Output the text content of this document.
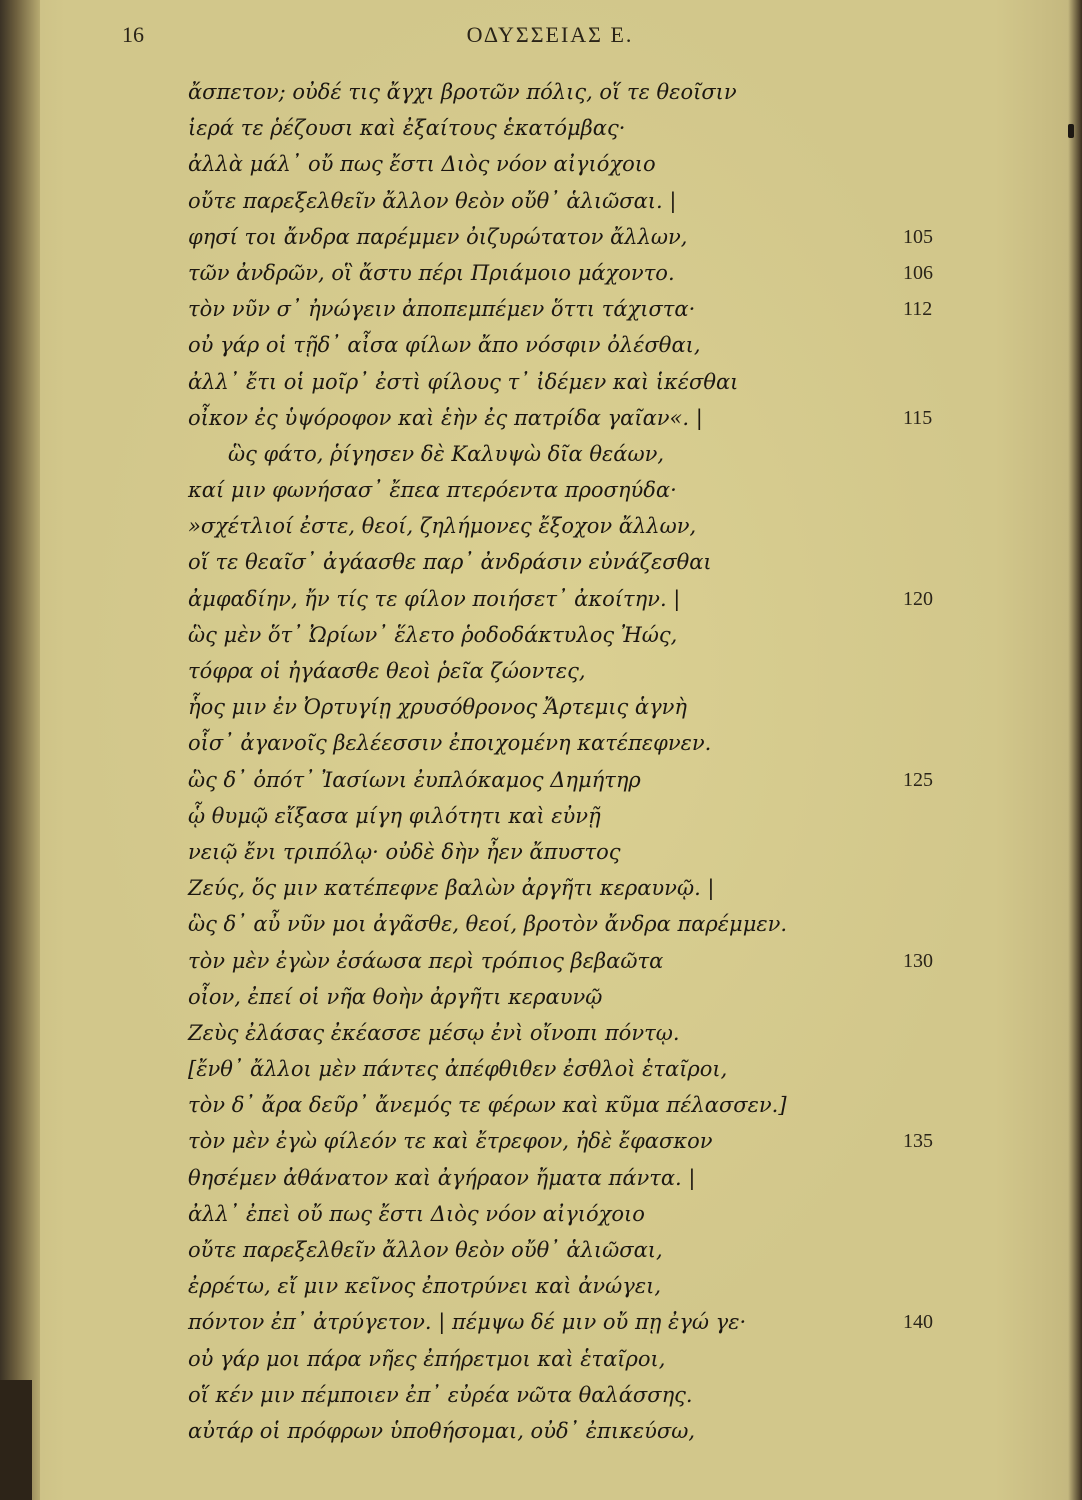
16	ΟΔΥΣΣΕΙΑΣ Ε.
ἄσπετον; οὐδέ τις ἄγχι βροτῶν πόλις, οἵ τε θεοῖσιν
ἱερά τε ῥέζουσι καὶ ἐξαίτους ἑκατόμβας·
ἀλλὰ μάλ᾽ οὔ πως ἔστι Διὸς νόον αἰγιόχοιο
οὔτε παρεξελθεῖν ἄλλον θεὸν οὔθ᾽ ἁλιῶσαι. |
φησί τοι ἄνδρα παρέμμεν ὀιζυρώτατον ἄλλων,	105
τῶν ἀνδρῶν, οἳ ἄστυ πέρι Πριάμοιο μάχοντο.	106
τὸν νῦν σ᾽ ἠνώγειν ἀποπεμπέμεν ὅττι τάχιστα·	112
οὐ γάρ οἱ τῇδ᾽ αἶσα φίλων ἄπο νόσφιν ὀλέσθαι,
ἀλλ᾽ ἔτι οἱ μοῖρ᾽ ἐστὶ φίλους τ᾽ ἰδέμεν καὶ ἱκέσθαι
οἶκον ἐς ὑψόροφον καὶ ἑὴν ἐς πατρίδα γαῖαν«. |	115
ὣς φάτο, ῥίγησεν δὲ Καλυψὼ δῖα θεάων,
καί μιν φωνήσασ᾽ ἔπεα πτερόεντα προσηύδα·
»σχέτλιοί ἐστε, θεοί, ζηλήμονες ἔξοχον ἄλλων,
οἵ τε θεαῖσ᾽ ἀγάασθε παρ᾽ ἀνδράσιν εὐνάζεσθαι
ἀμφαδίην, ἤν τίς τε φίλον ποιήσετ᾽ ἀκοίτην. |	120
ὣς μὲν ὅτ᾽ Ὠρίων᾽ ἕλετο ῥοδοδάκτυλος Ἠώς,
τόφρα οἱ ἠγάασθε θεοὶ ῥεῖα ζώοντες,
ἧος μιν ἐν Ὀρτυγίῃ χρυσόθρονος Ἄρτεμις ἁγνὴ
οἷσ᾽ ἀγανοῖς βελέεσσιν ἐποιχομένη κατέπεφνεν.
ὣς δ᾽ ὁπότ᾽ Ἰασίωνι ἐυπλόκαμος Δημήτηρ	125
ᾧ θυμῷ εἴξασα μίγη φιλότητι καὶ εὐνῇ
νειῷ ἔνι τριπόλῳ· οὐδὲ δὴν ἦεν ἄπυστος
Ζεύς, ὅς μιν κατέπεφνε βαλὼν ἀργῆτι κεραυνῷ. |
ὣς δ᾽ αὖ νῦν μοι ἀγᾶσθε, θεοί, βροτὸν ἄνδρα παρέμμεν.
τὸν μὲν ἐγὼν ἐσάωσα περὶ τρόπιος βεβαῶτα	130
οἶον, ἐπεί οἱ νῆα θοὴν ἀργῆτι κεραυνῷ
Ζεὺς ἐλάσας ἐκέασσε μέσῳ ἐνὶ οἴνοπι πόντῳ.
[ἔνθ᾽ ἄλλοι μὲν πάντες ἀπέφθιθεν ἐσθλοὶ ἑταῖροι,
τὸν δ᾽ ἄρα δεῦρ᾽ ἄνεμός τε φέρων καὶ κῦμα πέλασσεν.]
τὸν μὲν ἐγὼ φίλεόν τε καὶ ἔτρεφον, ἠδὲ ἔφασκον	135
θησέμεν ἀθάνατον καὶ ἀγήραον ἤματα πάντα. |
ἀλλ᾽ ἐπεὶ οὔ πως ἔστι Διὸς νόον αἰγιόχοιο
οὔτε παρεξελθεῖν ἄλλον θεὸν οὔθ᾽ ἁλιῶσαι,
ἐρρέτω, εἴ μιν κεῖνος ἐποτρύνει καὶ ἀνώγει,
πόντον ἐπ᾽ ἀτρύγετον. | πέμψω δέ μιν οὔ πῃ ἐγώ γε·	140
οὐ γάρ μοι πάρα νῆες ἐπήρετμοι καὶ ἑταῖροι,
οἵ κέν μιν πέμποιεν ἐπ᾽ εὐρέα νῶτα θαλάσσης.
αὐτάρ οἱ πρόφρων ὑποθήσομαι, οὐδ᾽ ἐπικεύσω,
